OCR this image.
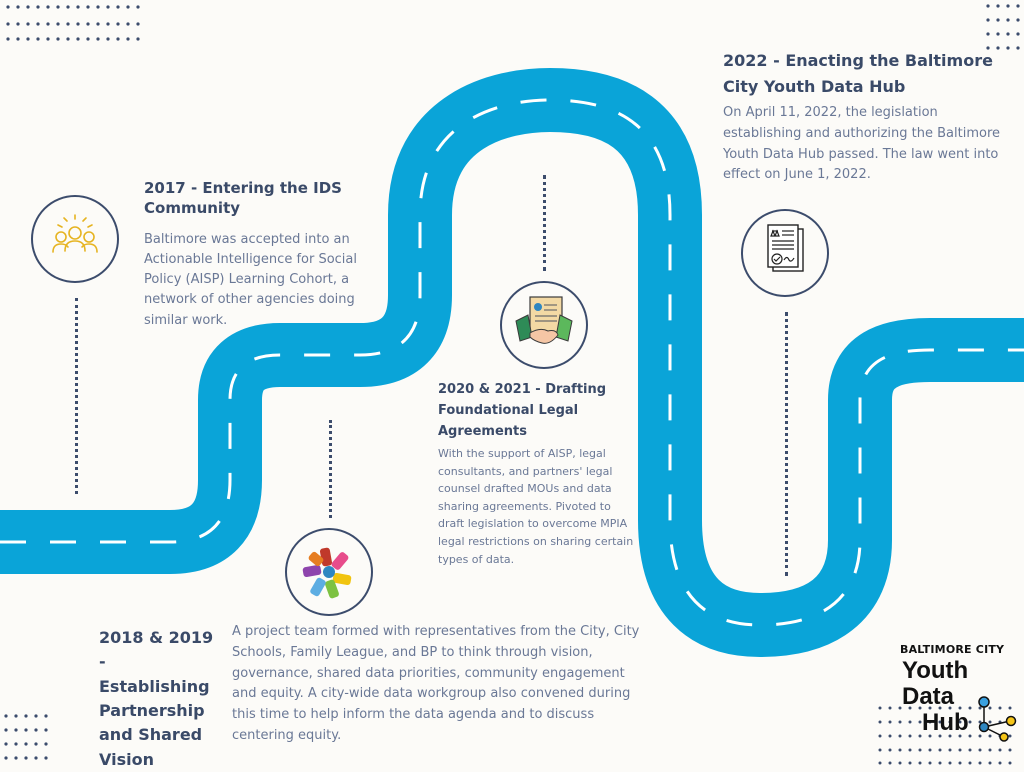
2017 - Entering the IDS Community
Baltimore was accepted into an Actionable Intelligence for Social Policy (AISP) Learning Cohort, a network of other agencies doing similar work.
2018 & 2019 - Establishing Partnership and Shared Vision
A project team formed with representatives from the City, City Schools, Family League, and BP to think through vision, governance, shared data priorities, community engagement and equity. A city-wide data workgroup also convened during this time to help inform the data agenda and to discuss centering equity.
2020 & 2021 - Drafting Foundational Legal Agreements
With the support of AISP, legal consultants, and partners' legal counsel drafted MOUs and data sharing agreements. Pivoted to draft legislation to overcome MPIA legal restrictions on sharing certain types of data.
2022 - Enacting the Baltimore City Youth Data Hub
On April 11, 2022, the legislation establishing and authorizing the Baltimore Youth Data Hub passed. The law went into effect on June 1, 2022.
BALTIMORE CITY
Youth
Data
Hub
